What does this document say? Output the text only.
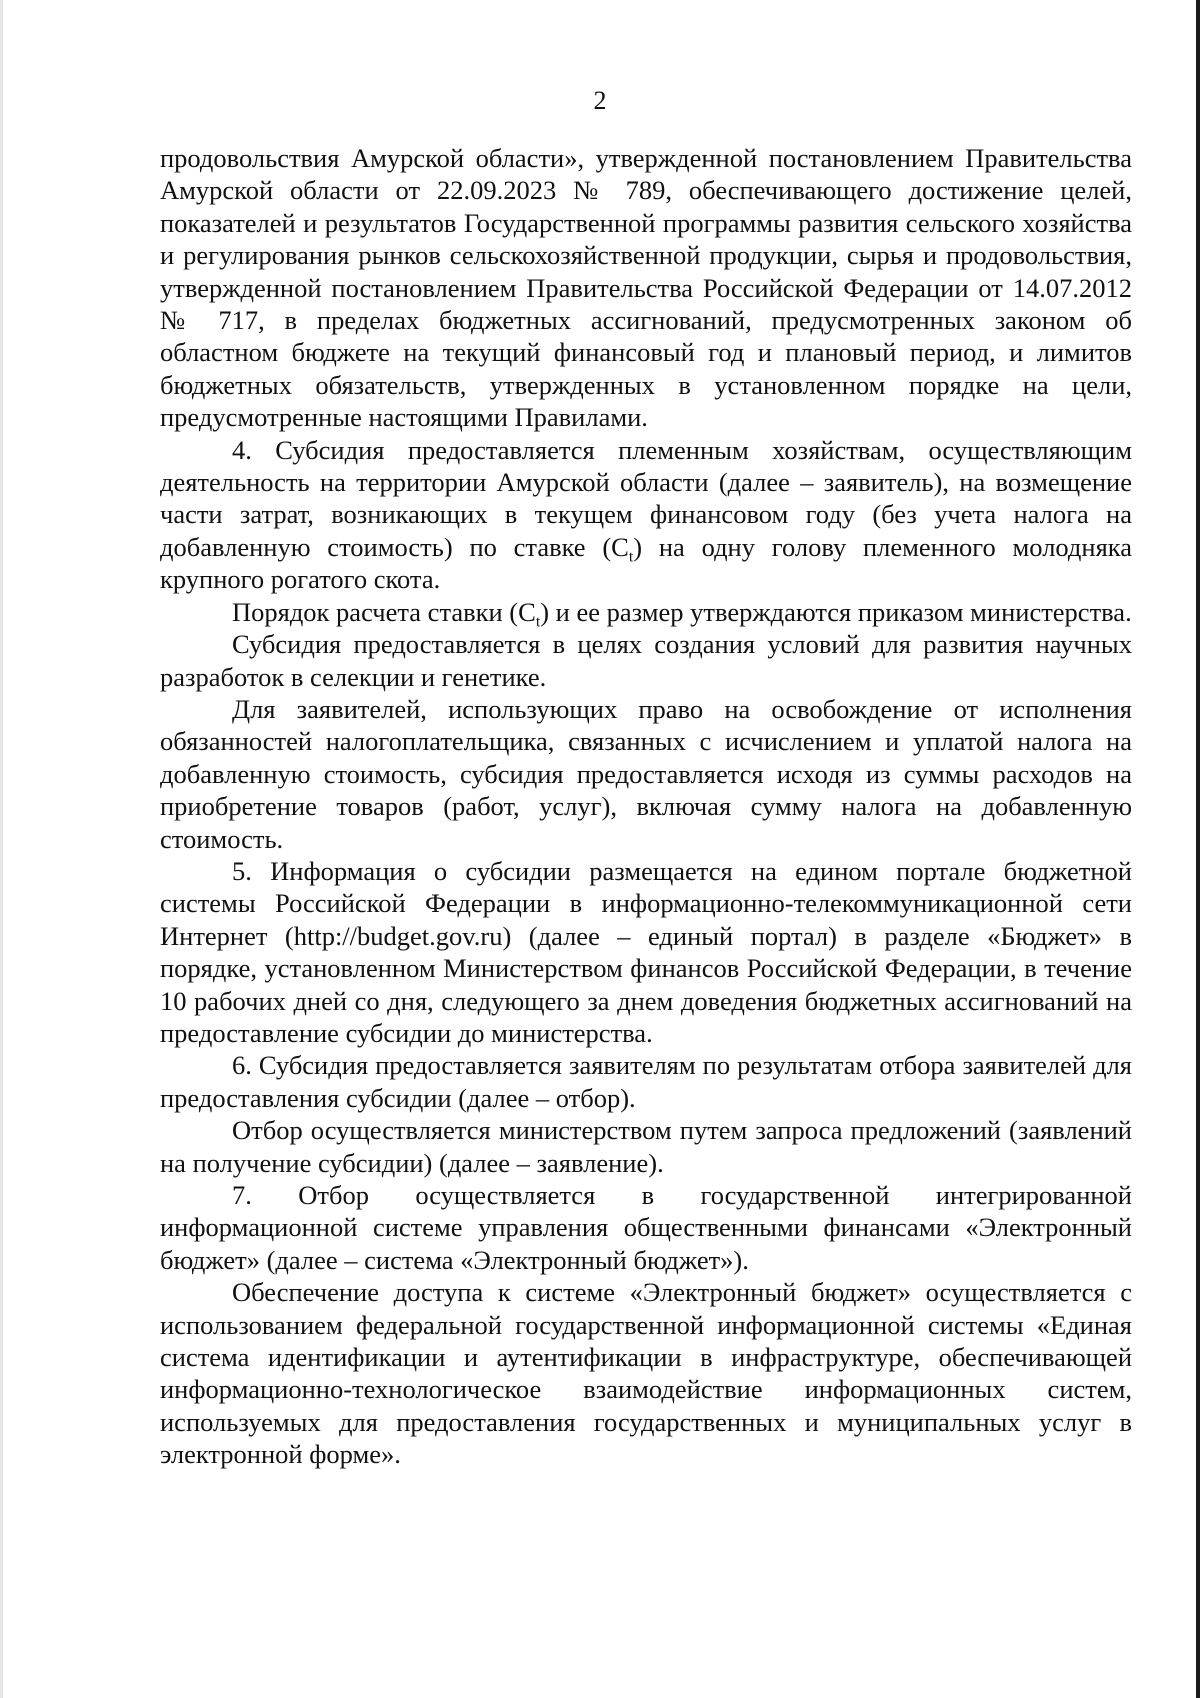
2

продовольствия Амурской области», утвержденной постановлением Правительства Амурской области от 22.09.2023 № 789, обеспечивающего достижение целей, показателей и результатов Государственной программы развития сельского хозяйства и регулирования рынков сельскохозяйственной продукции, сырья и продовольствия, утвержденной постановлением Правительства Российской Федерации от 14.07.2012 № 717, в пределах бюджетных ассигнований, предусмотренных законом об областном бюджете на текущий финансовый год и плановый период, и лимитов бюджетных обязательств, утвержденных в установленном порядке на цели, предусмотренные настоящими Правилами.

4. Субсидия предоставляется племенным хозяйствам, осуществляющим деятельность на территории Амурской области (далее – заявитель), на возмещение части затрат, возникающих в текущем финансовом году (без учета налога на добавленную стоимость) по ставке $(C_t)$ на одну голову племенного молодняка крупного рогатого скота.

Порядок расчета ставки $(C_t)$ и ее размер утверждаются приказом министерства.

Субсидия предоставляется в целях создания условий для развития научных разработок в селекции и генетике.

Для заявителей, использующих право на освобождение от исполнения обязанностей налогоплательщика, связанных с исчислением и уплатой налога на добавленную стоимость, субсидия предоставляется исходя из суммы расходов на приобретение товаров (работ, услуг), включая сумму налога на добавленную стоимость.

5. Информация о субсидии размещается на едином портале бюджетной системы Российской Федерации в информационно-телекоммуникационной сети Интернет (http://budget.gov.ru) (далее – единый портал) в разделе «Бюджет» в порядке, установленном Министерством финансов Российской Федерации, в течение 10 рабочих дней со дня, следующего за днем доведения бюджетных ассигнований на предоставление субсидии до министерства.

6. Субсидия предоставляется заявителям по результатам отбора заявителей для предоставления субсидии (далее – отбор).

Отбор осуществляется министерством путем запроса предложений (заявлений на получение субсидии) (далее – заявление).

7. Отбор осуществляется в государственной интегрированной информационной системе управления общественными финансами «Электронный бюджет» (далее – система «Электронный бюджет»).

Обеспечение доступа к системе «Электронный бюджет» осуществляется с использованием федеральной государственной информационной системы «Единая система идентификации и аутентификации в инфраструктуре, обеспечивающей информационно-технологическое взаимодействие информационных систем, используемых для предоставления государственных и муниципальных услуг в электронной форме».
